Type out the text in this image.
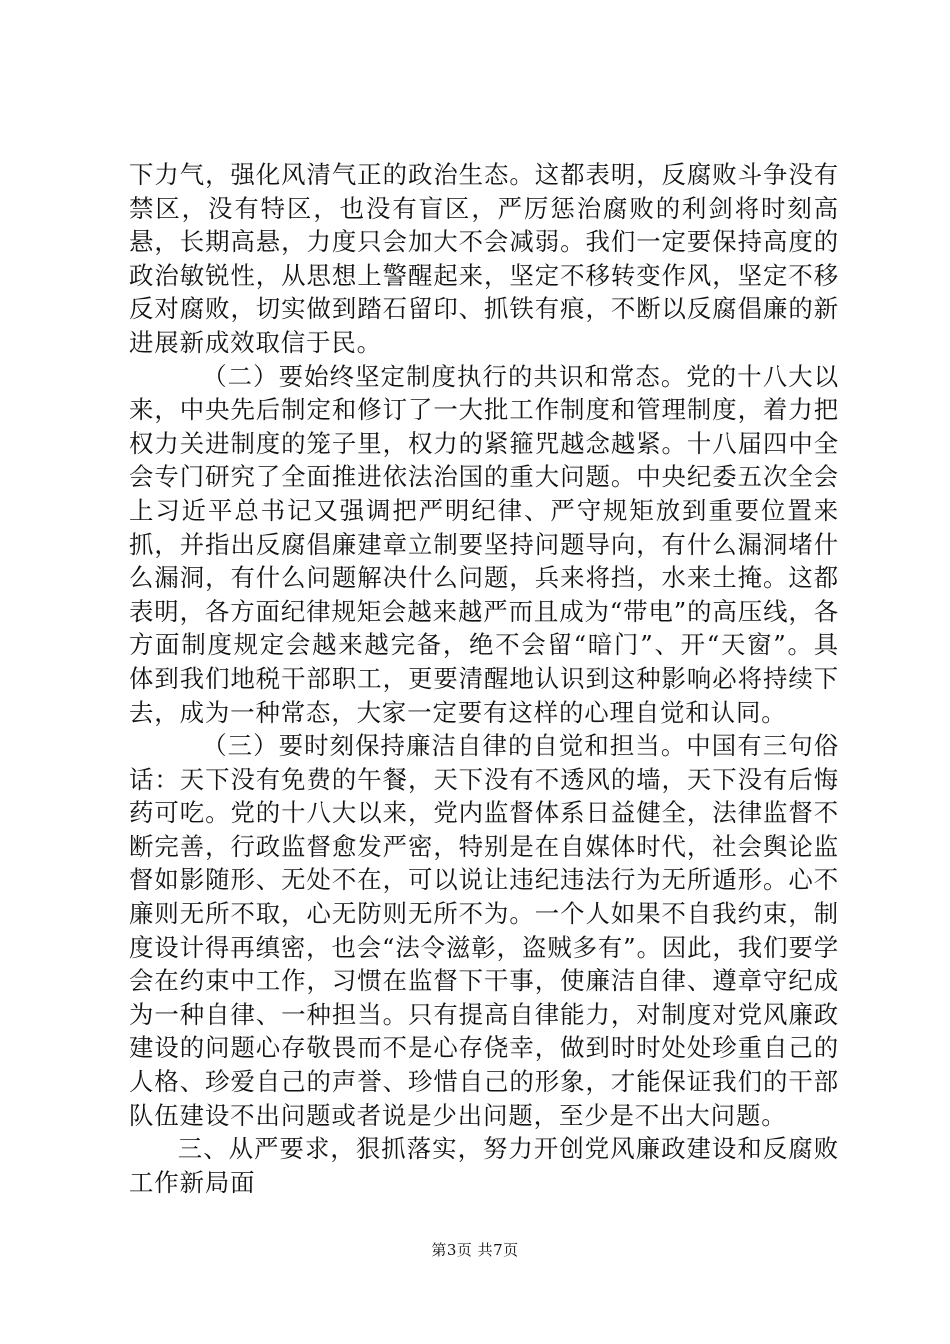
下力气，强化风清气正的政治生态。这都表明，反腐败斗争没有禁区，没有特区，也没有盲区，严厉惩治腐败的利剑将时刻高悬，长期高悬，力度只会加大不会减弱。我们一定要保持高度的政治敏锐性，从思想上警醒起来，坚定不移转变作风，坚定不移反对腐败，切实做到踏石留印、抓铁有痕，不断以反腐倡廉的新进展新成效取信于民。

（二）要始终坚定制度执行的共识和常态。党的十八大以来，中央先后制定和修订了一大批工作制度和管理制度，着力把权力关进制度的笼子里，权力的紧箍咒越念越紧。十八届四中全会专门研究了全面推进依法治国的重大问题。中央纪委五次全会上习近平总书记又强调把严明纪律、严守规矩放到重要位置来抓，并指出反腐倡廉建章立制要坚持问题导向，有什么漏洞堵什么漏洞，有什么问题解决什么问题，兵来将挡，水来土掩。这都表明，各方面纪律规矩会越来越严而且成为“带电”的高压线，各方面制度规定会越来越完备，绝不会留“暗门”、开“天窗”。具体到我们地税干部职工，更要清醒地认识到这种影响必将持续下去，成为一种常态，大家一定要有这样的心理自觉和认同。

（三）要时刻保持廉洁自律的自觉和担当。中国有三句俗话：天下没有免费的午餐，天下没有不透风的墙，天下没有后悔药可吃。党的十八大以来，党内监督体系日益健全，法律监督不断完善，行政监督愈发严密，特别是在自媒体时代，社会舆论监督如影随形、无处不在，可以说让违纪违法行为无所遁形。心不廉则无所不取，心无防则无所不为。一个人如果不自我约束，制度设计得再缜密，也会“法令滋彰，盗贼多有”。因此，我们要学会在约束中工作，习惯在监督下干事，使廉洁自律、遵章守纪成为一种自律、一种担当。只有提高自律能力，对制度对党风廉政建设的问题心存敬畏而不是心存侥幸，做到时时处处珍重自己的人格、珍爱自己的声誉、珍惜自己的形象，才能保证我们的干部队伍建设不出问题或者说是少出问题，至少是不出大问题。

三、从严要求，狠抓落实，努力开创党风廉政建设和反腐败工作新局面

第3页 共7页
